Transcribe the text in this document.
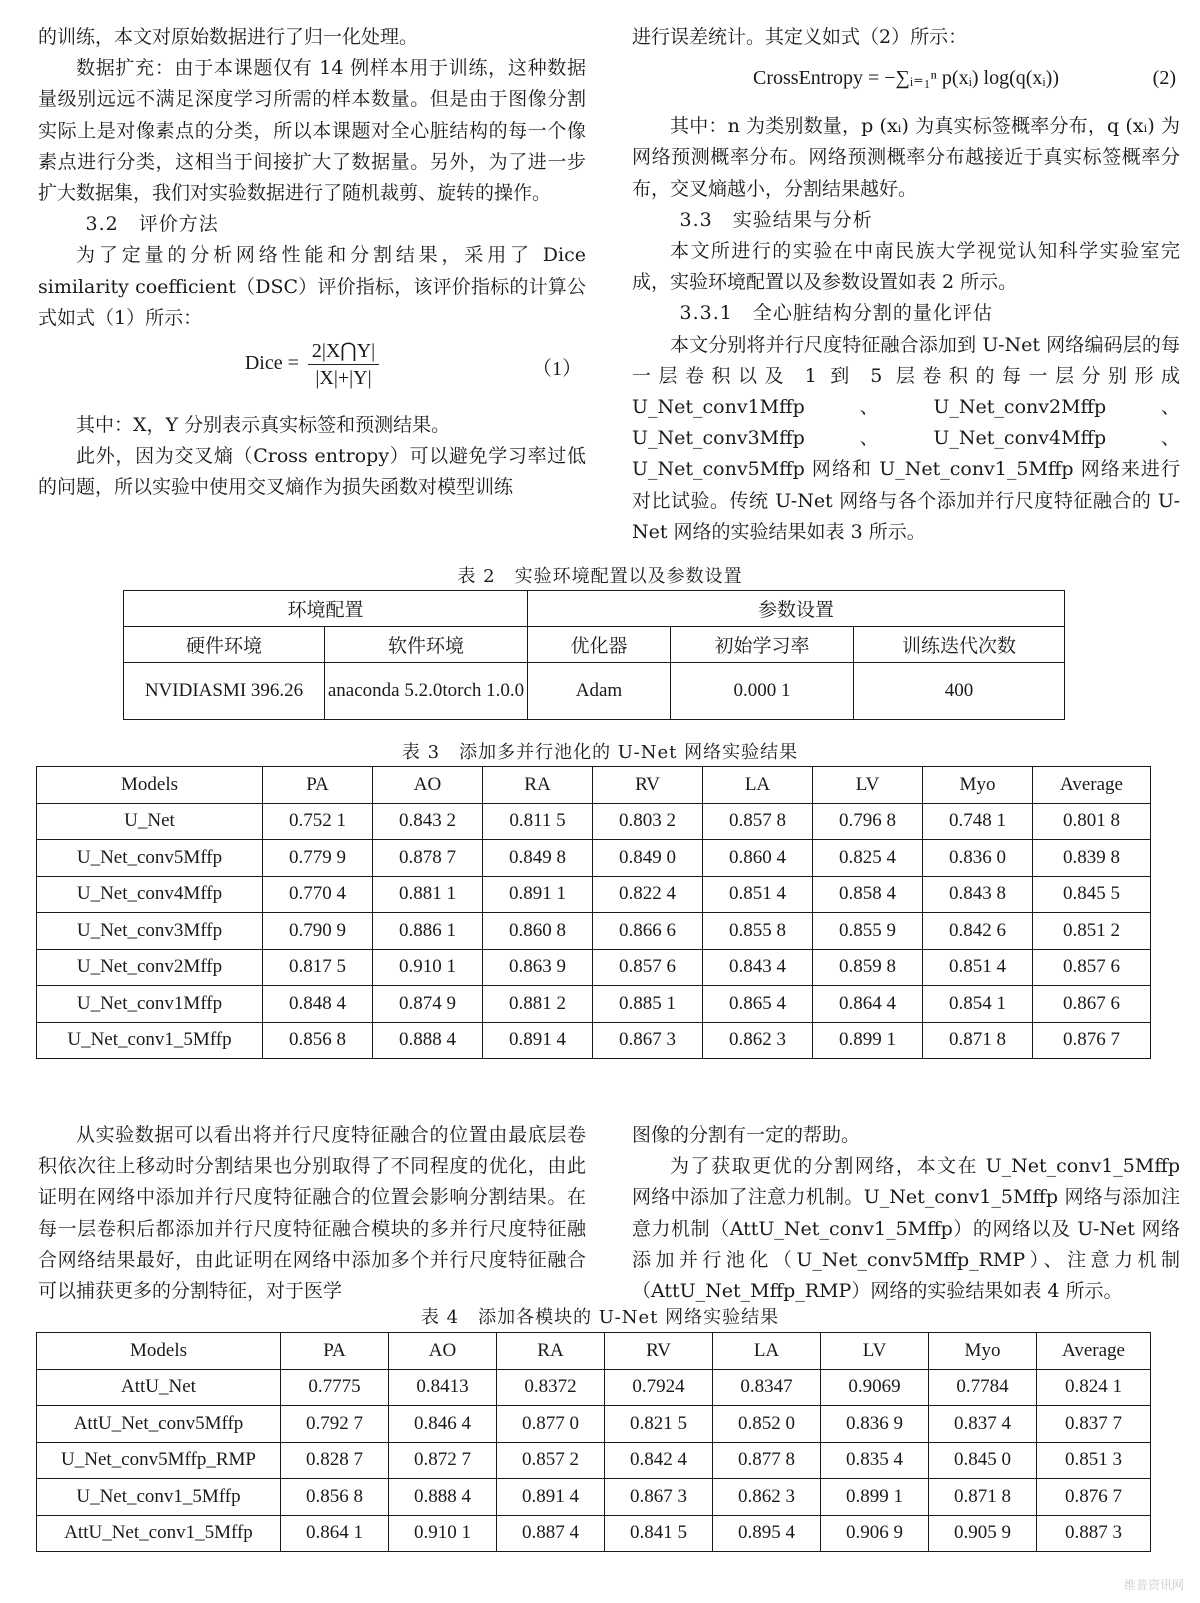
的训练，本文对原始数据进行了归一化处理。

数据扩充：由于本课题仅有 14 例样本用于训练，这种数据量级别远远不满足深度学习所需的样本数量。但是由于图像分割实际上是对像素点的分类，所以本课题对全心脏结构的每一个像素点进行分类，这相当于间接扩大了数据量。另外，为了进一步扩大数据集，我们对实验数据进行了随机裁剪、旋转的操作。

3.2　评价方法

为了定量的分析网络性能和分割结果，采用了 Dice similarity coefficient（DSC）评价指标，该评价指标的计算公式如式（1）所示：

Dice = $\frac{2|X⋂Y|}{|X|+|Y|}$	（1）

其中：X，Y 分别表示真实标签和预测结果。

此外，因为交叉熵（Cross entropy）可以避免学习率过低的问题，所以实验中使用交叉熵作为损失函数对模型训练

进行误差统计。其定义如式（2）所示：

CrossEntropy = −∑ᵢ₌₁ⁿ p(xᵢ) log(q(xᵢ))	(2)

其中：n 为类别数量，p (xᵢ) 为真实标签概率分布，q (xᵢ) 为网络预测概率分布。网络预测概率分布越接近于真实标签概率分布，交叉熵越小，分割结果越好。

3.3　实验结果与分析

本文所进行的实验在中南民族大学视觉认知科学实验室完成，实验环境配置以及参数设置如表 2 所示。

3.3.1　全心脏结构分割的量化评估

本文分别将并行尺度特征融合添加到 U-Net 网络编码层的每一层卷积以及 1 到 5 层卷积的每一层分别形成 U_Net_conv1Mffp、U_Net_conv2Mffp、U_Net_conv3Mffp、U_Net_conv4Mffp、U_Net_conv5Mffp 网络和 U_Net_conv1_5Mffp 网络来进行对比试验。传统 U-Net 网络与各个添加并行尺度特征融合的 U-Net 网络的实验结果如表 3 所示。

表 2　实验环境配置以及参数设置
环境配置		参数设置		
硬件环境	软件环境	优化器	初始学习率	训练迭代次数
NVIDIASMI 396.26	anaconda 5.2.0torch 1.0.0	Adam	0.000 1	400
表 3　添加多并行池化的 U-Net 网络实验结果
Models	PA	AO	RA	RV	LA	LV	Myo	Average
U_Net	0.752 1	0.843 2	0.811 5	0.803 2	0.857 8	0.796 8	0.748 1	0.801 8
U_Net_conv5Mffp	0.779 9	0.878 7	0.849 8	0.849 0	0.860 4	0.825 4	0.836 0	0.839 8
U_Net_conv4Mffp	0.770 4	0.881 1	0.891 1	0.822 4	0.851 4	0.858 4	0.843 8	0.845 5
U_Net_conv3Mffp	0.790 9	0.886 1	0.860 8	0.866 6	0.855 8	0.855 9	0.842 6	0.851 2
U_Net_conv2Mffp	0.817 5	0.910 1	0.863 9	0.857 6	0.843 4	0.859 8	0.851 4	0.857 6
U_Net_conv1Mffp	0.848 4	0.874 9	0.881 2	0.885 1	0.865 4	0.864 4	0.854 1	0.867 6
U_Net_conv1_5Mffp	0.856 8	0.888 4	0.891 4	0.867 3	0.862 3	0.899 1	0.871 8	0.876 7

从实验数据可以看出将并行尺度特征融合的位置由最底层卷积依次往上移动时分割结果也分别取得了不同程度的优化，由此证明在网络中添加并行尺度特征融合的位置会影响分割结果。在每一层卷积后都添加并行尺度特征融合模块的多并行尺度特征融合网络结果最好，由此证明在网络中添加多个并行尺度特征融合可以捕获更多的分割特征，对于医学

图像的分割有一定的帮助。

为了获取更优的分割网络，本文在 U_Net_conv1_5Mffp 网络中添加了注意力机制。U_Net_conv1_5Mffp 网络与添加注意力机制（AttU_Net_conv1_5Mffp）的网络以及 U-Net 网络添加并行池化（U_Net_conv5Mffp_RMP）、注意力机制（AttU_Net_Mffp_RMP）网络的实验结果如表 4 所示。

表 4　添加各模块的 U-Net 网络实验结果
Models	PA	AO	RA	RV	LA	LV	Myo	Average
AttU_Net	0.7775	0.8413	0.8372	0.7924	0.8347	0.9069	0.7784	0.824 1
AttU_Net_conv5Mffp	0.792 7	0.846 4	0.877 0	0.821 5	0.852 0	0.836 9	0.837 4	0.837 7
U_Net_conv5Mffp_RMP	0.828 7	0.872 7	0.857 2	0.842 4	0.877 8	0.835 4	0.845 0	0.851 3
U_Net_conv1_5Mffp	0.856 8	0.888 4	0.891 4	0.867 3	0.862 3	0.899 1	0.871 8	0.876 7
AttU_Net_conv1_5Mffp	0.864 1	0.910 1	0.887 4	0.841 5	0.895 4	0.906 9	0.905 9	0.887 3
维普资讯网
